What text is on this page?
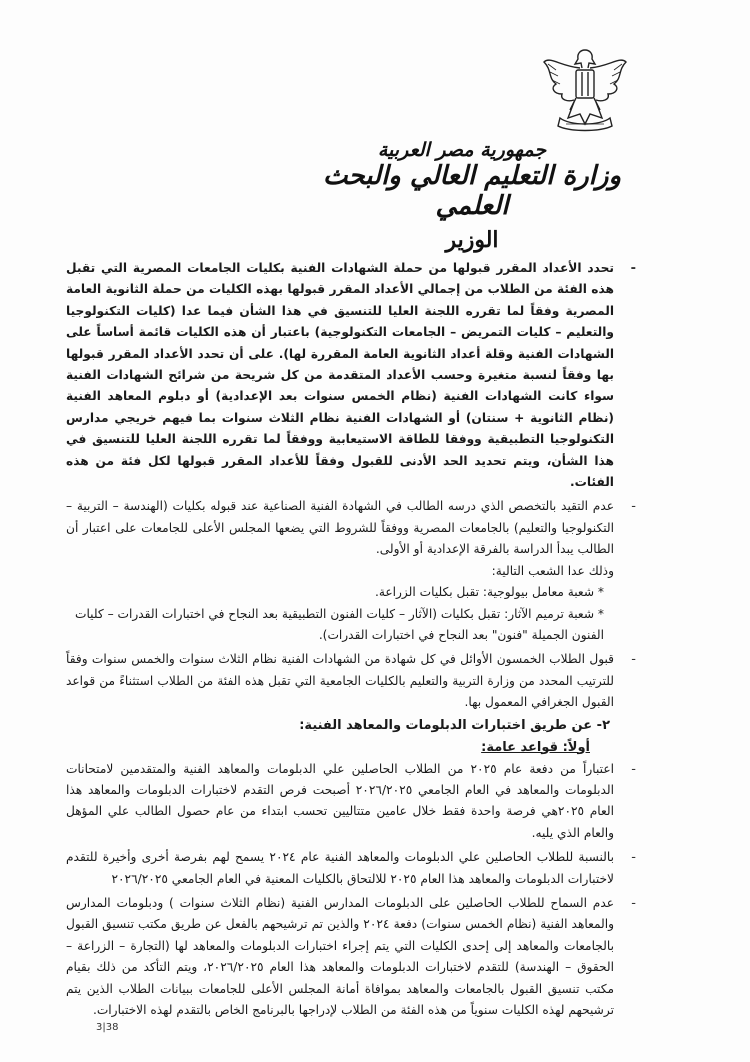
جمهورية مصر العربية
وزارة التعليم العالي والبحث العلمي
الوزير
-
تحدد الأعداد المقرر قبولها من حملة الشهادات الفنية بكليات الجامعات المصرية التي تقبل هذه الفئة من الطلاب من إجمالي الأعداد المقرر قبولها بهذه الكليات من حملة الثانوية العامة المصرية وفقاً لما تقرره اللجنة العليا للتنسيق في هذا الشأن فيما عدا (كليات التكنولوجيا والتعليم – كليات التمريض – الجامعات التكنولوجية) باعتبار أن هذه الكليات قائمة أساساً على الشهادات الفنية وقلة أعداد الثانوية العامة المقررة لها). على أن تحدد الأعداد المقرر قبولها بها وفقاً لنسبة متغيرة وحسب الأعداد المتقدمة من كل شريحة من شرائح الشهادات الفنية سواء كانت الشهادات الفنية (نظام الخمس سنوات بعد الإعدادية) أو دبلوم المعاهد الفنية (نظام الثانوية + سنتان) أو الشهادات الفنية نظام الثلاث سنوات بما فيهم خريجي مدارس التكنولوجيا التطبيقية ووفقا للطاقة الاستيعابية ووفقاً لما تقرره اللجنة العليا للتنسيق في هذا الشأن، ويتم تحديد الحد الأدنى للقبول وفقاً للأعداد المقرر قبولها لكل فئة من هذه الفئات.
-
عدم التقيد بالتخصص الذي درسه الطالب في الشهادة الفنية الصناعية عند قبوله بكليات (الهندسة – التربية – التكنولوجيا والتعليم) بالجامعات المصرية ووفقاً للشروط التي يضعها المجلس الأعلى للجامعات على اعتبار أن الطالب يبدأ الدراسة بالفرقة الإعدادية أو الأولى.

وذلك عدا الشعب التالية:

* شعبة معامل بيولوجية: تقبل بكليات الزراعة.

* شعبة ترميم الآثار: تقبل بكليات (الآثار – كليات الفنون التطبيقية بعد النجاح في اختبارات القدرات – كليات الفنون الجميلة "فنون" بعد النجاح في اختبارات القدرات).

-
قبول الطلاب الخمسون الأوائل في كل شهادة من الشهادات الفنية نظام الثلاث سنوات والخمس سنوات وفقاً للترتيب المحدد من وزارة التربية والتعليم بالكليات الجامعية التي تقبل هذه الفئة من الطلاب استثناءً من قواعد القبول الجغرافي المعمول بها.

٢- عن طريق اختبارات الدبلومات والمعاهد الفنية:

أولاً: قواعد عامة:

-
اعتباراً من دفعة عام ٢٠٢٥ من الطلاب الحاصلين علي الدبلومات والمعاهد الفنية والمتقدمين لامتحانات الدبلومات والمعاهد في العام الجامعي ٢٠٢٦/٢٠٢٥ أصبحت فرص التقدم لاختبارات الدبلومات والمعاهد هذا العام ٢٠٢٥هي فرصة واحدة فقط خلال عامين متتاليين تحسب ابتداء من عام حصول الطالب علي المؤهل والعام الذي يليه.
-
بالنسبة للطلاب الحاصلين علي الدبلومات والمعاهد الفنية عام ٢٠٢٤ يسمح لهم بفرصة أخرى وأخيرة للتقدم لاختبارات الدبلومات والمعاهد هذا العام ٢٠٢٥ للالتحاق بالكليات المعنية في العام الجامعي ٢٠٢٦/٢٠٢٥
-
عدم السماح للطلاب الحاصلين على الدبلومات المدارس الفنية (نظام الثلاث سنوات ) ودبلومات المدارس والمعاهد الفنية (نظام الخمس سنوات) دفعة ٢٠٢٤ والذين تم ترشيحهم بالفعل عن طريق مكتب تنسيق القبول بالجامعات والمعاهد إلى إحدى الكليات التي يتم إجراء اختبارات الدبلومات والمعاهد لها (التجارة – الزراعة – الحقوق – الهندسة) للتقدم لاختبارات الدبلومات والمعاهد هذا العام ٢٠٢٦/٢٠٢٥، ويتم التأكد من ذلك بقيام مكتب تنسيق القبول بالجامعات والمعاهد بموافاة أمانة المجلس الأعلى للجامعات ببيانات الطلاب الذين يتم ترشيحهم لهذه الكليات سنوياً من هذه الفئة من الطلاب لإدراجها بالبرنامج الخاص بالتقدم لهذه الاختبارات.
3|38
